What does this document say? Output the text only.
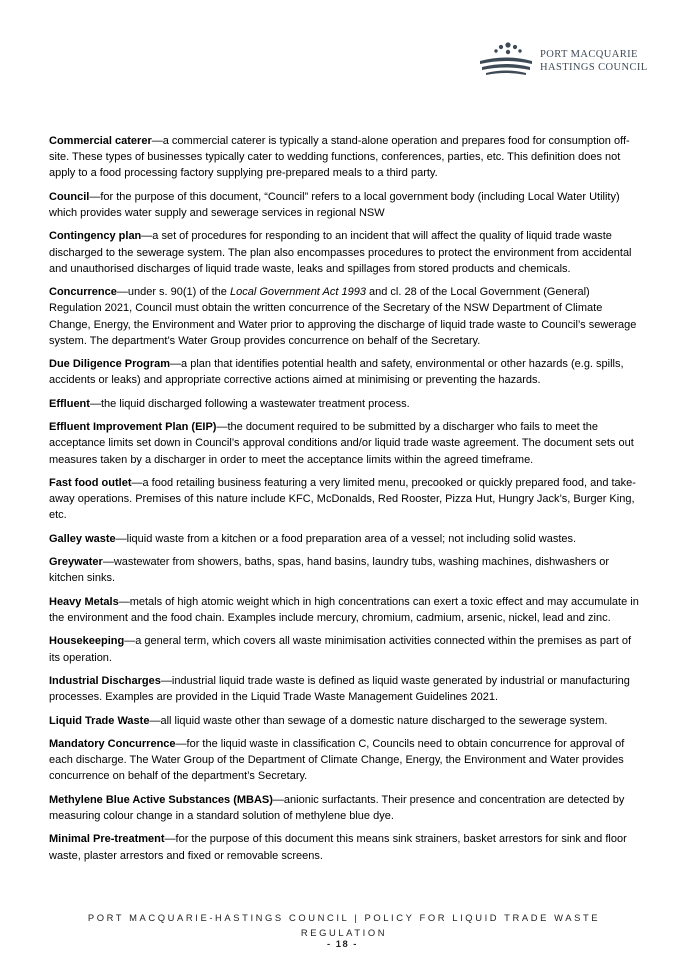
PORT MACQUARIE
HASTINGS COUNCIL

Commercial caterer—a commercial caterer is typically a stand-alone operation and prepares food for consumption off-site. These types of businesses typically cater to wedding functions, conferences, parties, etc. This definition does not apply to a food processing factory supplying pre-prepared meals to a third party.

Council—for the purpose of this document, “Council” refers to a local government body (including Local Water Utility) which provides water supply and sewerage services in regional NSW

Contingency plan—a set of procedures for responding to an incident that will affect the quality of liquid trade waste discharged to the sewerage system. The plan also encompasses procedures to protect the environment from accidental and unauthorised discharges of liquid trade waste, leaks and spillages from stored products and chemicals.

Concurrence—under s. 90(1) of the Local Government Act 1993 and cl. 28 of the Local Government (General) Regulation 2021, Council must obtain the written concurrence of the Secretary of the NSW Department of Climate Change, Energy, the Environment and Water prior to approving the discharge of liquid trade waste to Council’s sewerage system. The department’s Water Group provides concurrence on behalf of the Secretary.

Due Diligence Program—a plan that identifies potential health and safety, environmental or other hazards (e.g. spills, accidents or leaks) and appropriate corrective actions aimed at minimising or preventing the hazards.

Effluent—the liquid discharged following a wastewater treatment process.

Effluent Improvement Plan (EIP)—the document required to be submitted by a discharger who fails to meet the acceptance limits set down in Council’s approval conditions and/or liquid trade waste agreement. The document sets out measures taken by a discharger in order to meet the acceptance limits within the agreed timeframe.

Fast food outlet—a food retailing business featuring a very limited menu, precooked or quickly prepared food, and take-away operations. Premises of this nature include KFC, McDonalds, Red Rooster, Pizza Hut, Hungry Jack’s, Burger King, etc.

Galley waste—liquid waste from a kitchen or a food preparation area of a vessel; not including solid wastes.

Greywater—wastewater from showers, baths, spas, hand basins, laundry tubs, washing machines, dishwashers or kitchen sinks.

Heavy Metals—metals of high atomic weight which in high concentrations can exert a toxic effect and may accumulate in the environment and the food chain. Examples include mercury, chromium, cadmium, arsenic, nickel, lead and zinc.

Housekeeping—a general term, which covers all waste minimisation activities connected within the premises as part of its operation.

Industrial Discharges—industrial liquid trade waste is defined as liquid waste generated by industrial or manufacturing processes. Examples are provided in the Liquid Trade Waste Management Guidelines 2021.

Liquid Trade Waste—all liquid waste other than sewage of a domestic nature discharged to the sewerage system.

Mandatory Concurrence—for the liquid waste in classification C, Councils need to obtain concurrence for approval of each discharge. The Water Group of the Department of Climate Change, Energy, the Environment and Water provides concurrence on behalf of the department’s Secretary.

Methylene Blue Active Substances (MBAS)—anionic surfactants. Their presence and concentration are detected by measuring colour change in a standard solution of methylene blue dye.

Minimal Pre-treatment—for the purpose of this document this means sink strainers, basket arrestors for sink and floor waste, plaster arrestors and fixed or removable screens.

PORT MACQUARIE-HASTINGS COUNCIL | POLICY FOR LIQUID TRADE WASTE REGULATION
- 18 -
